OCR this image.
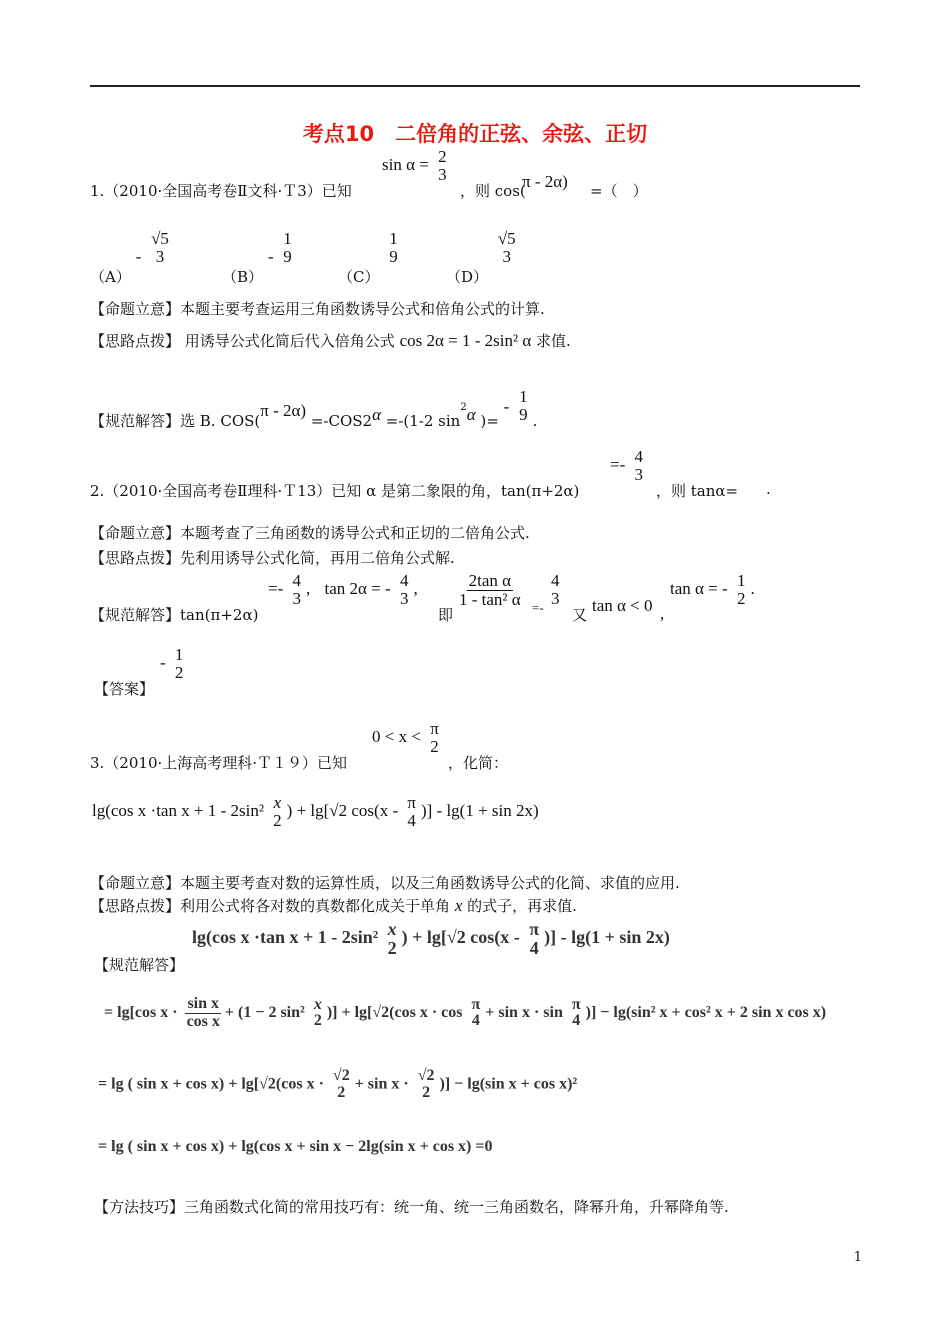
考点10　二倍角的正弦、余弦、正切
1.（2010·全国高考卷Ⅱ文科·Ｔ3）已知
sin α = 2
3
，则 cos(
π - 2α) =（　）
（A） -
√5
3
（B） -
1
9
（C）
1
9
（D）
√5
3
【命题立意】本题主要考查运用三角函数诱导公式和倍角公式的计算.
【思路点拨】 用诱导公式化简后代入倍角公式 cos 2α = 1 - 2sin² α 求值.
【规范解答】选 B. COS(π - 2α) =-COS2α =-(1-2 $\sin^2\alpha$ )= -
1
9 .
2.（2010·全国高考卷Ⅱ理科·Ｔ13）已知 α 是第二象限的角，tan(π+2α)
=- 4
3
，则 tanα= .
【命题立意】本题考查了三角函数的诱导公式和正切的二倍角公式.
【思路点拨】先利用诱导公式化简，再用二倍角公式解.
【规范解答】tan(π+2α)
=- 4
3
, tan 2α = - 4
3
,
即
$\frac{\text{2tan α}}{\text{1 - tan² α}}$ =-
4
3
又 tan α < 0 ,
tan α = - 1
2
.
【答案】
- 1
2
3.（2010·上海高考理科·Ｔ１９）已知
0 < x < π
2
，化简：
lg(cos x ·tan x + 1 - 2sin² x
2
) + lg[√2 cos(x - π
4
)] - lg(1 + sin 2x)
【命题立意】本题主要考查对数的运算性质，以及三角函数诱导公式的化简、求值的应用.
【思路点拨】利用公式将各对数的真数都化成关于单角 x 的式子，再求值.
【规范解答】
lg(cos x ·tan x + 1 - 2sin² x
2
) + lg[√2 cos(x - π
4
)] - lg(1 + sin 2x)
= lg[cos $x \cdot \frac{\text{sin x}}{\text{cos x}} + (1 - 2$ sin² x
2 )] + lg[√2(cos x · cos π
4 + sin x · sin π
4 )] − lg(sin² x + cos² x + 2 sin x cos x)
= lg ( sin x + cos x) + lg[√2(cos x · √2
2 + sin x · √2
2 )] − lg(sin x + cos x)²
= lg ( sin x + cos x) + lg(cos x + sin x − 2lg(sin x + cos x) =0
【方法技巧】三角函数式化简的常用技巧有：统一角、统一三角函数名，降幂升角，升幂降角等.
1
